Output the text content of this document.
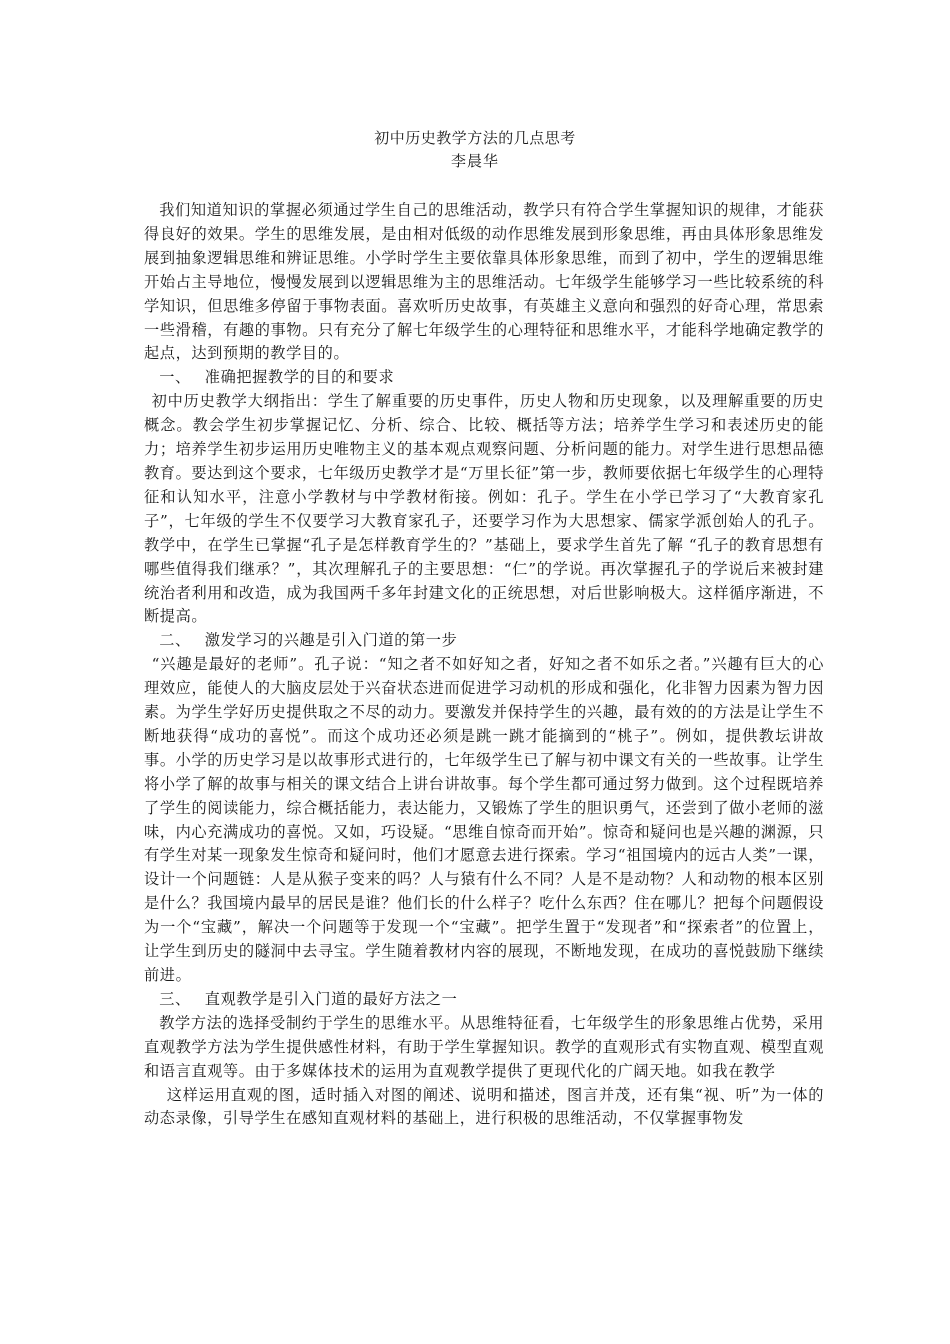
初中历史教学方法的几点思考
李晨华

我们知道知识的掌握必须通过学生自己的思维活动，教学只有符合学生掌握知识的规律，才能获得良好的效果。学生的思维发展，是由相对低级的动作思维发展到形象思维，再由具体形象思维发展到抽象逻辑思维和辨证思维。小学时学生主要依靠具体形象思维，而到了初中，学生的逻辑思维开始占主导地位，慢慢发展到以逻辑思维为主的思维活动。七年级学生能够学习一些比较系统的科学知识，但思维多停留于事物表面。喜欢听历史故事，有英雄主义意向和强烈的好奇心理，常思索一些滑稽，有趣的事物。只有充分了解七年级学生的心理特征和思维水平，才能科学地确定教学的起点，达到预期的教学目的。

一、 准确把握教学的目的和要求

初中历史教学大纲指出：学生了解重要的历史事件，历史人物和历史现象，以及理解重要的历史概念。教会学生初步掌握记忆、分析、综合、比较、概括等方法；培养学生学习和表述历史的能力；培养学生初步运用历史唯物主义的基本观点观察问题、分析问题的能力。对学生进行思想品德教育。要达到这个要求，七年级历史教学才是“万里长征”第一步，教师要依据七年级学生的心理特征和认知水平，注意小学教材与中学教材衔接。例如：孔子。学生在小学已学习了“大教育家孔子”，七年级的学生不仅要学习大教育家孔子，还要学习作为大思想家、儒家学派创始人的孔子。教学中，在学生已掌握“孔子是怎样教育学生的？”基础上，要求学生首先了解 “孔子的教育思想有哪些值得我们继承？”，其次理解孔子的主要思想：“仁”的学说。再次掌握孔子的学说后来被封建统治者利用和改造，成为我国两千多年封建文化的正统思想，对后世影响极大。这样循序渐进，不断提高。

二、 激发学习的兴趣是引入门道的第一步

“兴趣是最好的老师”。孔子说：“知之者不如好知之者，好知之者不如乐之者。”兴趣有巨大的心理效应，能使人的大脑皮层处于兴奋状态进而促进学习动机的形成和强化，化非智力因素为智力因素。为学生学好历史提供取之不尽的动力。要激发并保持学生的兴趣，最有效的的方法是让学生不断地获得“成功的喜悦”。而这个成功还必须是跳一跳才能摘到的“桃子”。例如，提供教坛讲故事。小学的历史学习是以故事形式进行的，七年级学生已了解与初中课文有关的一些故事。让学生将小学了解的故事与相关的课文结合上讲台讲故事。每个学生都可通过努力做到。这个过程既培养了学生的阅读能力，综合概括能力，表达能力，又锻炼了学生的胆识勇气，还尝到了做小老师的滋味，内心充满成功的喜悦。又如，巧设疑。“思维自惊奇而开始”。惊奇和疑问也是兴趣的渊源，只有学生对某一现象发生惊奇和疑问时，他们才愿意去进行探索。学习“祖国境内的远古人类”一课，设计一个问题链：人是从猴子变来的吗？人与猿有什么不同？人是不是动物？人和动物的根本区别是什么？我国境内最早的居民是谁？他们长的什么样子？吃什么东西？住在哪儿？把每个问题假设为一个“宝藏”，解决一个问题等于发现一个“宝藏”。把学生置于“发现者”和“探索者”的位置上，让学生到历史的隧洞中去寻宝。学生随着教材内容的展现，不断地发现，在成功的喜悦鼓励下继续前进。

三、 直观教学是引入门道的最好方法之一

教学方法的选择受制约于学生的思维水平。从思维特征看，七年级学生的形象思维占优势，采用直观教学方法为学生提供感性材料，有助于学生掌握知识。教学的直观形式有实物直观、模型直观和语言直观等。由于多媒体技术的运用为直观教学提供了更现代化的广阔天地。如我在教学

这样运用直观的图，适时插入对图的阐述、说明和描述，图言并茂，还有集“视、听”为一体的动态录像，引导学生在感知直观材料的基础上，进行积极的思维活动，不仅掌握事物发
